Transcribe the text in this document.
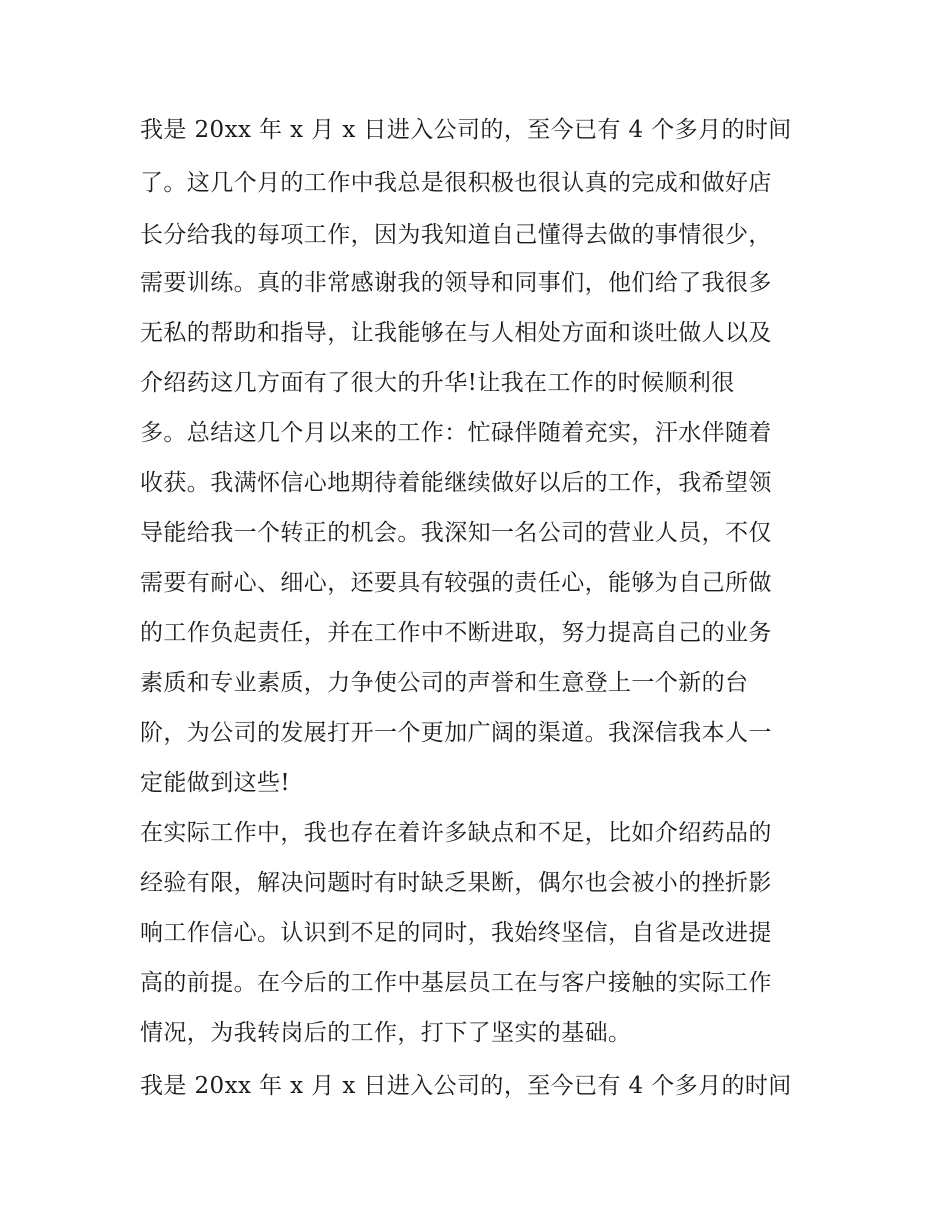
我是 20xx 年 x 月 x 日进入公司的，至今已有 4 个多月的时间
了。这几个月的工作中我总是很积极也很认真的完成和做好店
长分给我的每项工作，因为我知道自己懂得去做的事情很少，
需要训练。真的非常感谢我的领导和同事们，他们给了我很多
无私的帮助和指导，让我能够在与人相处方面和谈吐做人以及
介绍药这几方面有了很大的升华!让我在工作的时候顺利很
多。总结这几个月以来的工作：忙碌伴随着充实，汗水伴随着
收获。我满怀信心地期待着能继续做好以后的工作，我希望领
导能给我一个转正的机会。我深知一名公司的营业人员，不仅
需要有耐心、细心，还要具有较强的责任心，能够为自己所做
的工作负起责任，并在工作中不断进取，努力提高自己的业务
素质和专业素质，力争使公司的声誉和生意登上一个新的台
阶，为公司的发展打开一个更加广阔的渠道。我深信我本人一
定能做到这些!
在实际工作中，我也存在着许多缺点和不足，比如介绍药品的
经验有限，解决问题时有时缺乏果断，偶尔也会被小的挫折影
响工作信心。认识到不足的同时，我始终坚信，自省是改进提
高的前提。在今后的工作中基层员工在与客户接触的实际工作
情况，为我转岗后的工作，打下了坚实的基础。
我是 20xx 年 x 月 x 日进入公司的，至今已有 4 个多月的时间
